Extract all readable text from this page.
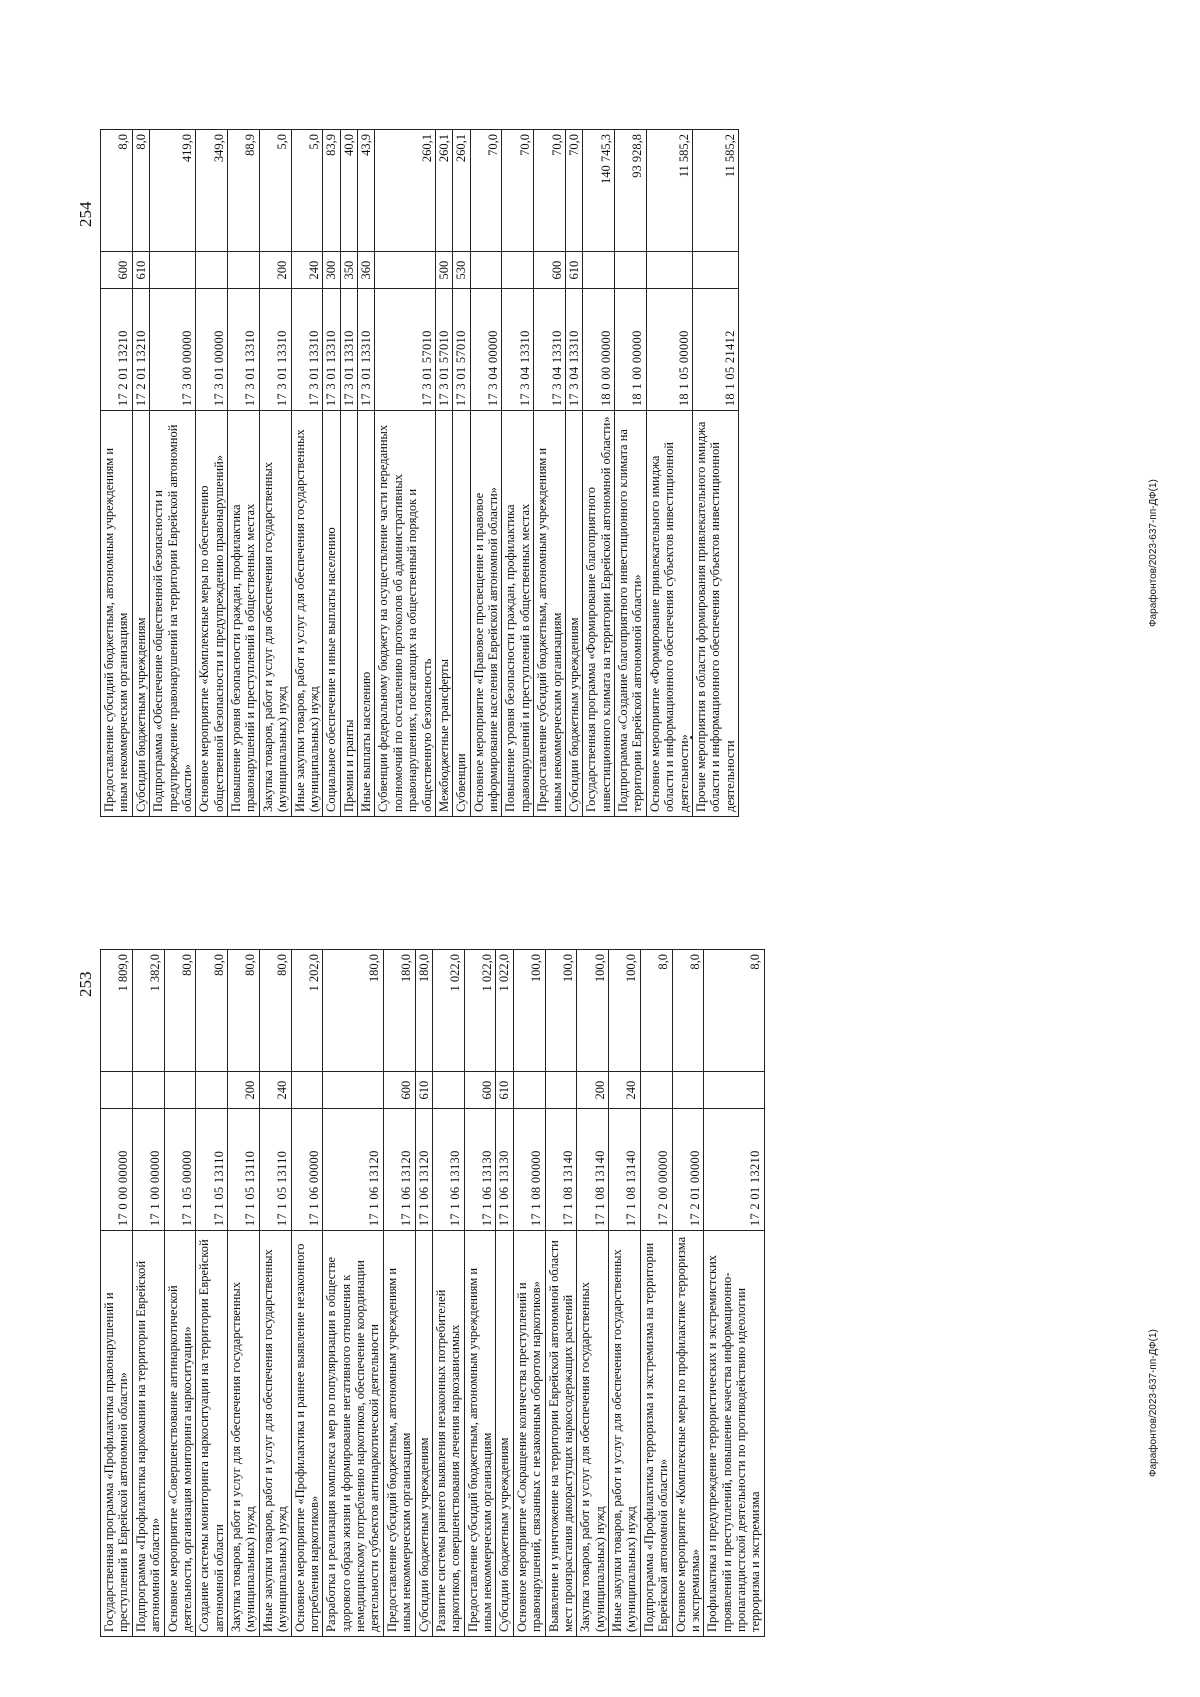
253
Государственная программа «Профилактика правонарушений и преступлений в Еврейской автономной области»	17 0 00 00000		1 809,0
Подпрограмма «Профилактика наркомании на территории Еврейской автономной области»	17 1 00 00000		1 382,0
Основное мероприятие «Совершенствование антинаркотической деятельности, организация мониторинга наркоситуации»	17 1 05 00000		80,0
Создание системы мониторинга наркоситуации на территории Еврейской автономной области	17 1 05 13110		80,0
Закупка товаров, работ и услуг для обеспечения государственных (муниципальных) нужд	17 1 05 13110	200	80,0
Иные закупки товаров, работ и услуг для обеспечения государственных (муниципальных) нужд	17 1 05 13110	240	80,0
Основное мероприятие «Профилактика и раннее выявление незаконного потребления наркотиков»	17 1 06 00000		1 202,0
Разработка и реализация комплекса мер по популяризации в обществе здорового образа жизни и формирование негативного отношения к немедицинскому потреблению наркотиков, обеспечение координации деятельности субъектов антинаркотической деятельности	17 1 06 13120		180,0
Предоставление субсидий бюджетным, автономным учреждениям и иным некоммерческим организациям	17 1 06 13120	600	180,0
Субсидии бюджетным учреждениям	17 1 06 13120	610	180,0
Развитие системы раннего выявления незаконных потребителей наркотиков, совершенствования лечения наркозависимых	17 1 06 13130		1 022,0
Предоставление субсидий бюджетным, автономным учреждениям и иным некоммерческим организациям	17 1 06 13130	600	1 022,0
Субсидии бюджетным учреждениям	17 1 06 13130	610	1 022,0
Основное мероприятие «Сокращение количества преступлений и правонарушений, связанных с незаконным оборотом наркотиков»	17 1 08 00000		100,0
Выявление и уничтожение на территории Еврейской автономной области мест произрастания дикорастущих наркосодержащих растений	17 1 08 13140		100,0
Закупка товаров, работ и услуг для обеспечения государственных (муниципальных) нужд	17 1 08 13140	200	100,0
Иные закупки товаров, работ и услуг для обеспечения государственных (муниципальных) нужд	17 1 08 13140	240	100,0
Подпрограмма «Профилактика терроризма и экстремизма на территории Еврейской автономной области»	17 2 00 00000		8,0
Основное мероприятие «Комплексные меры по профилактике терроризма и экстремизма»	17 2 01 00000		8,0
Профилактика и предупреждение террористических и экстремистских проявлений и преступлений, повышение качества информационно-пропагандистской деятельности по противодействию идеологии терроризма и экстремизма	17 2 01 13210		8,0
Фарафонтов/2023-637-пп-ДФ(1)
254
Предоставление субсидий бюджетным, автономным учреждениям и иным некоммерческим организациям	17 2 01 13210	600	8,0
Субсидии бюджетным учреждениям	17 2 01 13210	610	8,0
Подпрограмма «Обеспечение общественной безопасности и предупреждение правонарушений на территории Еврейской автономной области»	17 3 00 00000		419,0
Основное мероприятие «Комплексные меры по обеспечению общественной безопасности и предупреждению правонарушений»	17 3 01 00000		349,0
Повышение уровня безопасности граждан, профилактика правонарушений и преступлений в общественных местах	17 3 01 13310		88,9
Закупка товаров, работ и услуг для обеспечения государственных (муниципальных) нужд	17 3 01 13310	200	5,0
Иные закупки товаров, работ и услуг для обеспечения государственных (муниципальных) нужд	17 3 01 13310	240	5,0
Социальное обеспечение и иные выплаты населению	17 3 01 13310	300	83,9
Премии и гранты	17 3 01 13310	350	40,0
Иные выплаты населению	17 3 01 13310	360	43,9
Субвенции федеральному бюджету на осуществление части переданных полномочий по составлению протоколов об административных правонарушениях, посягающих на общественный порядок и общественную безопасность	17 3 01 57010		260,1
Межбюджетные трансферты	17 3 01 57010	500	260,1
Субвенции	17 3 01 57010	530	260,1
Основное мероприятие «Правовое просвещение и правовое информирование населения Еврейской автономной области»	17 3 04 00000		70,0
Повышение уровня безопасности граждан, профилактика правонарушений и преступлений в общественных местах	17 3 04 13310		70,0
Предоставление субсидий бюджетным, автономным учреждениям и иным некоммерческим организациям	17 3 04 13310	600	70,0
Субсидии бюджетным учреждениям	17 3 04 13310	610	70,0
Государственная программа «Формирование благоприятного инвестиционного климата на территории Еврейской автономной области»	18 0 00 00000		140 745,3
Подпрограмма «Создание благоприятного инвестиционного климата на территории Еврейской автономной области»	18 1 00 00000		93 928,8
Основное мероприятие «Формирование привлекательного имиджа области и информационного обеспечения субъектов инвестиционной деятельности»	18 1 05 00000		11 585,2
Прочие мероприятия в области формирования привлекательного имиджа области и информационного обеспечения субъектов инвестиционной деятельности	18 1 05 21412		11 585,2
Фарафонтов/2023-637-пп-ДФ(1)
